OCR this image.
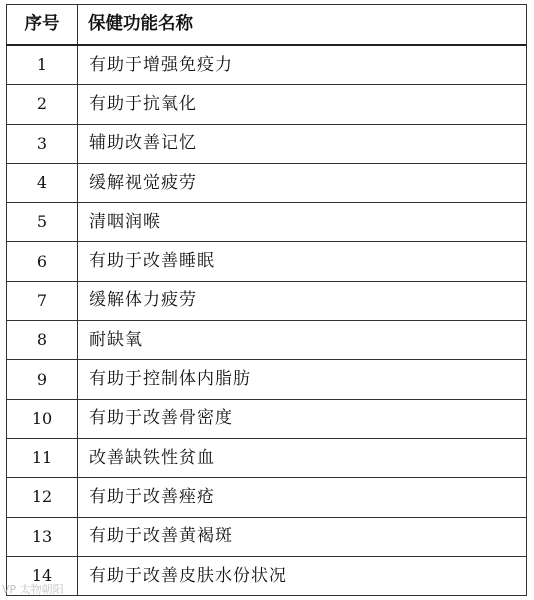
序号	保健功能名称
1	有助于增强免疫力
2	有助于抗氧化
3	辅助改善记忆
4	缓解视觉疲劳
5	清咽润喉
6	有助于改善睡眠
7	缓解体力疲劳
8	耐缺氧
9	有助于控制体内脂肪
10	有助于改善骨密度
11	改善缺铁性贫血
12	有助于改善痤疮
13	有助于改善黄褐斑
14	有助于改善皮肤水份状况
VP 太物朝阳
